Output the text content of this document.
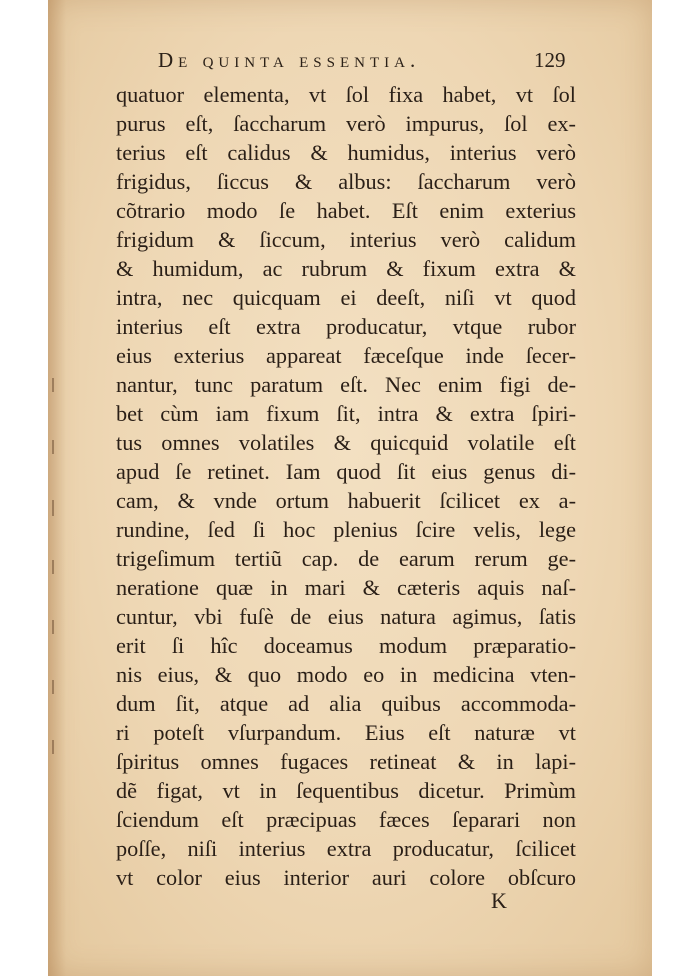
De quinta essentia.	129
quatuor elementa, vt ſol fixa habet, vt ſol
purus eſt, ſaccharum verò impurus, ſol ex-
terius eſt calidus & humidus, interius verò
frigidus, ſiccus & albus: ſaccharum verò
cõtrario modo ſe habet. Eſt enim exterius
frigidum & ſiccum, interius verò calidum
& humidum, ac rubrum & fixum extra &
intra, nec quicquam ei deeſt, niſi vt quod
interius eſt extra producatur, vtque rubor
eius exterius appareat fæceſque inde ſecer-
nantur, tunc paratum eſt. Nec enim figi de-
bet cùm iam fixum ſit, intra & extra ſpiri-
tus omnes volatiles & quicquid volatile eſt
apud ſe retinet. Iam quod ſit eius genus di-
cam, & vnde ortum habuerit ſcilicet ex a-
rundine, ſed ſi hoc plenius ſcire velis, lege
trigeſimum tertiũ cap. de earum rerum ge-
neratione quæ in mari & cæteris aquis naſ-
cuntur, vbi fuſè de eius natura agimus, ſatis
erit ſi hîc doceamus modum præparatio-
nis eius, & quo modo eo in medicina vten-
dum ſit, atque ad alia quibus accommoda-
ri poteſt vſurpandum. Eius eſt naturæ vt
ſpiritus omnes fugaces retineat & in lapi-
dẽ figat, vt in ſequentibus dicetur. Primùm
ſciendum eſt præcipuas fæces ſeparari non
poſſe, niſi interius extra producatur, ſcilicet
vt color eius interior auri colore obſcuro
K
